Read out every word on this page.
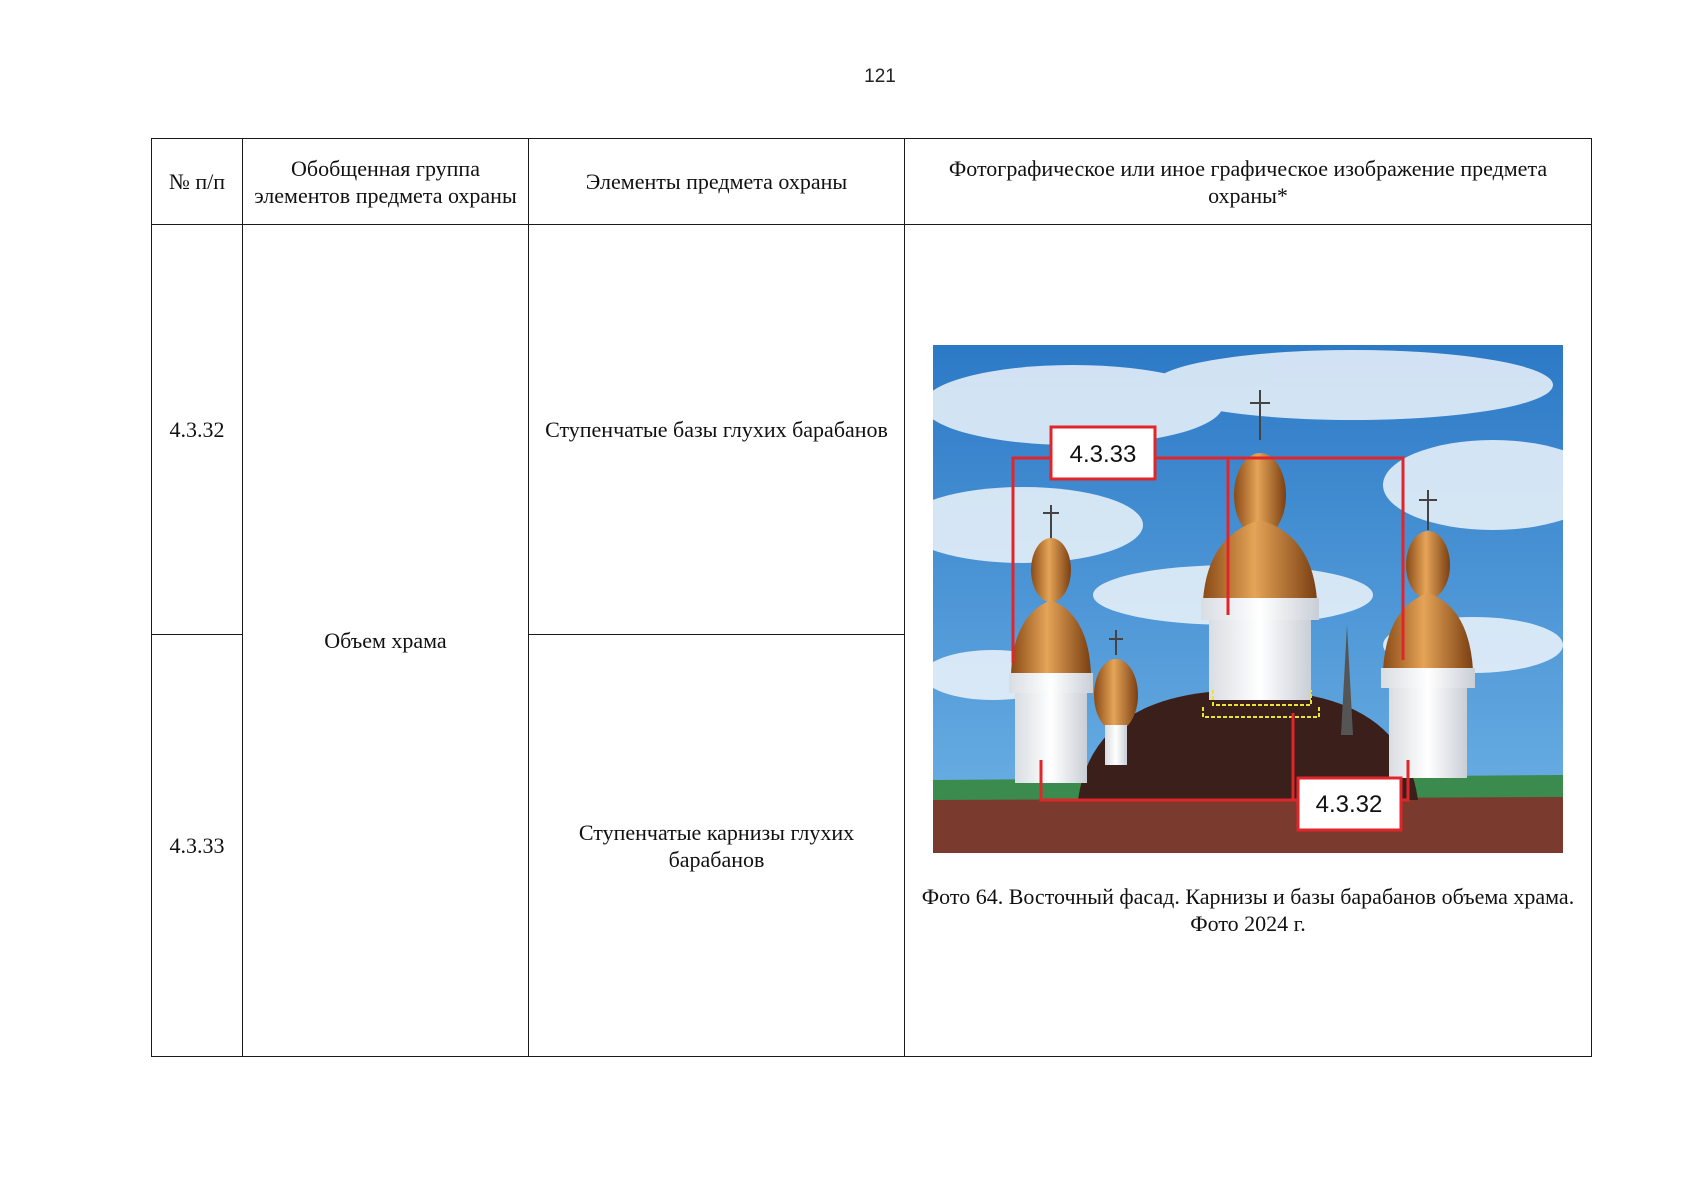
121
№ п/п	Обобщенная группа элементов предмета охраны	Элементы предмета охраны	Фотографическое или иное графическое изображение предмета охраны*
4.3.32	Объем храма	Ступенчатые базы глухих барабанов	4.3.33
4.3.32
Фото 64. Восточный фасад. Карнизы и базы барабанов объема храма.
Фото 2024 г.

4.3.33		Ступенчатые карнизы глухих барабанов	
